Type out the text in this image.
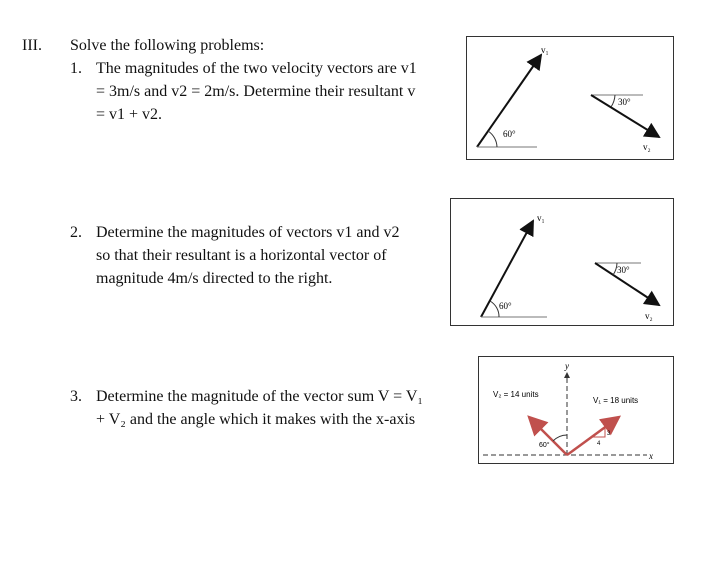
III. Solve the following problems:
1. The magnitudes of the two velocity vectors are v1
= 3m/s and v2 = 2m/s. Determine their resultant v
= v1 + v2.
v₁
v₂
60°
30°
2. Determine the magnitudes of vectors v1 and v2
so that their resultant is a horizontal vector of
magnitude 4m/s directed to the right.
v₁
v₂
60°
30°
3. Determine the magnitude of the vector sum V = V₁
+ V₂ and the angle which it makes with the x-axis
y
x
V₂ = 14 units
V₁ = 18 units
60°
3
4
